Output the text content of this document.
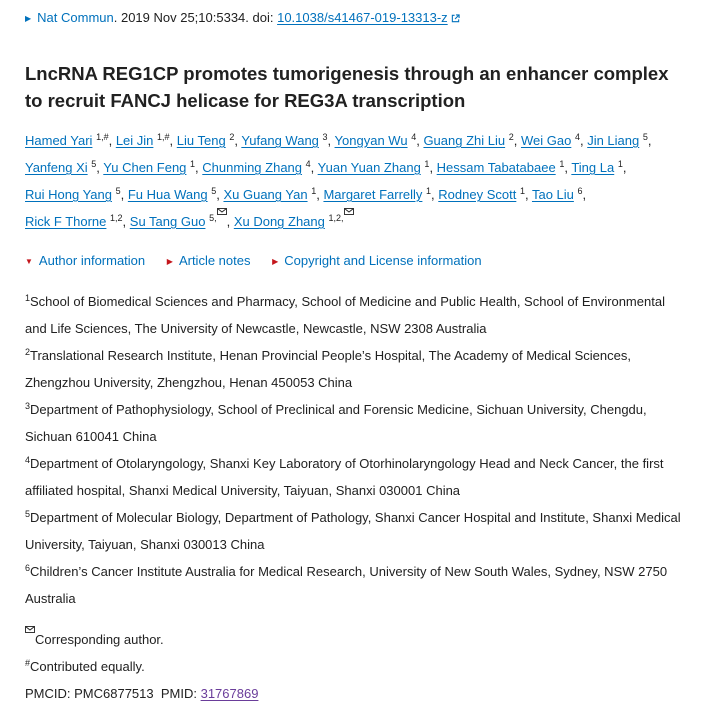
▶ Nat Commun. 2019 Nov 25;10:5334. doi: 10.1038/s41467-019-13313-z
LncRNA REG1CP promotes tumorigenesis through an enhancer complex to recruit FANCJ helicase for REG3A transcription
Hamed Yari $^{1,\#}$, Lei Jin $^{1,\#}$, Liu Teng $^2$, Yufang Wang $^3$, Yongyan Wu $^4$, Guang Zhi Liu $^2$, Wei Gao $^4$, Jin Liang $^5$, Yanfeng Xi $^5$, Yu Chen Feng $^1$, Chunming Zhang $^4$, Yuan Yuan Zhang $^1$, Hessam Tabatabaee $^1$, Ting La $^1$, Rui Hong Yang $^5$, Fu Hua Wang $^5$, Xu Guang Yan $^1$, Margaret Farrelly $^1$, Rodney Scott $^1$, Tao Liu $^6$, Rick F Thorne $^{1,2}$, Su Tang Guo $^{5,}$ , Xu Dong Zhang $^{1,2,}$
▼ Author information	▶ Article notes	▶ Copyright and License information
$^1$School of Biomedical Sciences and Pharmacy, School of Medicine and Public Health, School of Environmental and Life Sciences, The University of Newcastle, Newcastle, NSW 2308 Australia
$^2$Translational Research Institute, Henan Provincial People’s Hospital, The Academy of Medical Sciences, Zhengzhou University, Zhengzhou, Henan 450053 China
$^3$Department of Pathophysiology, School of Preclinical and Forensic Medicine, Sichuan University, Chengdu, Sichuan 610041 China
$^4$Department of Otolaryngology, Shanxi Key Laboratory of Otorhinolaryngology Head and Neck Cancer, the first affiliated hospital, Shanxi Medical University, Taiyuan, Shanxi 030001 China
$^5$Department of Molecular Biology, Department of Pathology, Shanxi Cancer Hospital and Institute, Shanxi Medical University, Taiyuan, Shanxi 030013 China
$^6$Children’s Cancer Institute Australia for Medical Research, University of New South Wales, Sydney, NSW 2750 Australia
Corresponding author.
#Contributed equally.
PMCID: PMC6877513 PMID: 31767869
